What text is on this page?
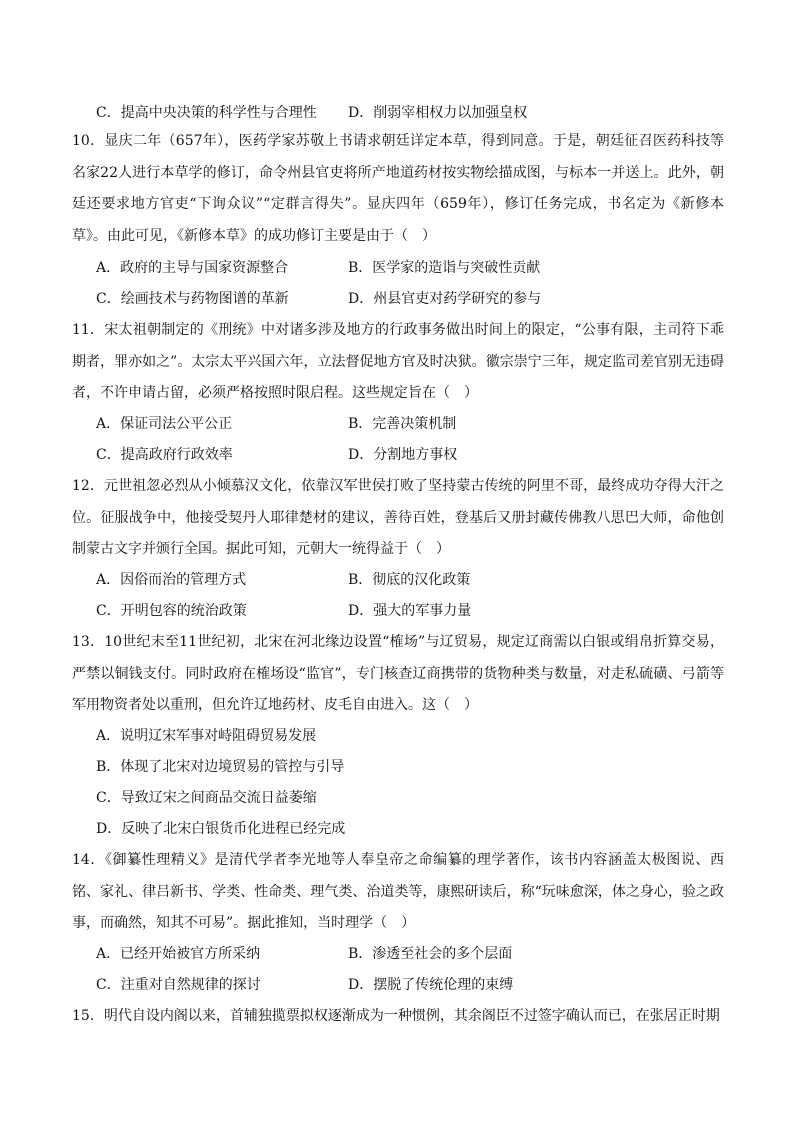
C．提高中央决策的科学性与合理性 D．削弱宰相权力以加强皇权
10．显庆二年（657年），医药学家苏敬上书请求朝廷详定本草，得到同意。于是，朝廷征召医药科技等名家22人进行本草学的修订，命令州县官吏将所产地道药材按实物绘描成图，与标本一并送上。此外，朝廷还要求地方官吏“下询众议”“定群言得失”。显庆四年（659年），修订任务完成，书名定为《新修本草》。由此可见，《新修本草》的成功修订主要是由于（　）
A．政府的主导与国家资源整合	B．医学家的造诣与突破性贡献
C．绘画技术与药物图谱的革新	D．州县官吏对药学研究的参与
11．宋太祖朝制定的《刑统》中对诸多涉及地方的行政事务做出时间上的限定，“公事有限，主司符下乖期者，罪亦如之”。太宗太平兴国六年，立法督促地方官及时决狱。徽宗崇宁三年，规定监司差官别无违碍者，不许申请占留，必须严格按照时限启程。这些规定旨在（　）
A．保证司法公平公正	B．完善决策机制
C．提高政府行政效率	D．分割地方事权
12．元世祖忽必烈从小倾慕汉文化，依靠汉军世侯打败了坚持蒙古传统的阿里不哥，最终成功夺得大汗之位。征服战争中，他接受契丹人耶律楚材的建议，善待百姓，登基后又册封藏传佛教八思巴大师，命他创制蒙古文字并颁行全国。据此可知，元朝大一统得益于（　）
A．因俗而治的管理方式	B．彻底的汉化政策
C．开明包容的统治政策	D．强大的军事力量
13．10世纪末至11世纪初，北宋在河北缘边设置“榷场”与辽贸易，规定辽商需以白银或绢帛折算交易，严禁以铜钱支付。同时政府在榷场设“监官”，专门核查辽商携带的货物种类与数量，对走私硫磺、弓箭等军用物资者处以重刑，但允许辽地药材、皮毛自由进入。这（　）
A．说明辽宋军事对峙阻碍贸易发展
B．体现了北宋对边境贸易的管控与引导
C．导致辽宋之间商品交流日益萎缩
D．反映了北宋白银货币化进程已经完成
14．《御纂性理精义》是清代学者李光地等人奉皇帝之命编纂的理学著作，该书内容涵盖太极图说、西铭、家礼、律吕新书、学类、性命类、理气类、治道类等，康熙研读后，称“玩味愈深，体之身心，验之政事，而确然，知其不可易”。据此推知，当时理学（　）
A．已经开始被官方所采纳	B．渗透至社会的多个层面
C．注重对自然规律的探讨	D．摆脱了传统伦理的束缚
15．明代自设内阁以来，首辅独揽票拟权逐渐成为一种惯例，其余阁臣不过签字确认而已，在张居正时期
